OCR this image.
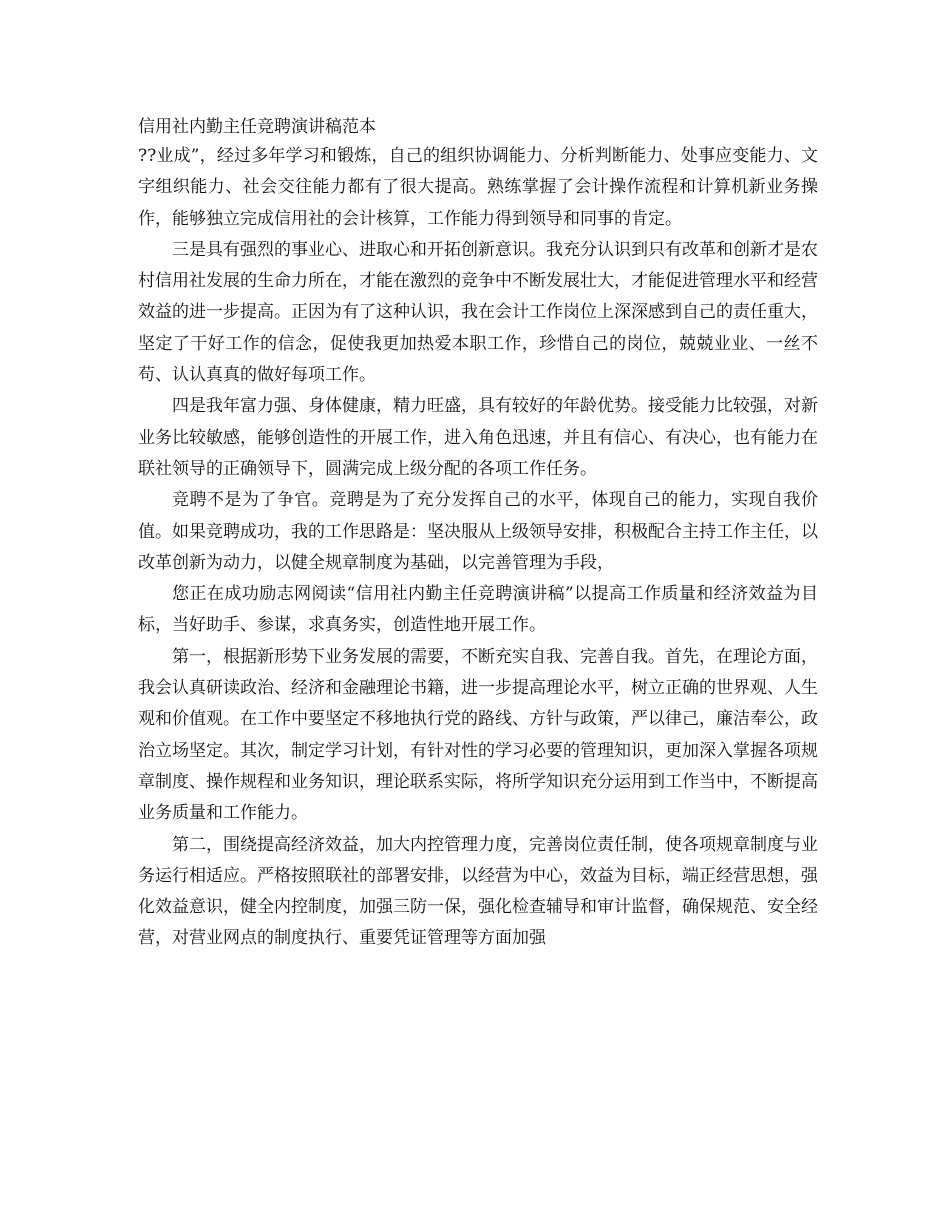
信用社内勤主任竞聘演讲稿范本

??业成”，经过多年学习和锻炼，自己的组织协调能力、分析判断能力、处事应变能力、文字组织能力、社会交往能力都有了很大提高。熟练掌握了会计操作流程和计算机新业务操作，能够独立完成信用社的会计核算，工作能力得到领导和同事的肯定。

三是具有强烈的事业心、进取心和开拓创新意识。我充分认识到只有改革和创新才是农村信用社发展的生命力所在，才能在激烈的竞争中不断发展壮大，才能促进管理水平和经营效益的进一步提高。正因为有了这种认识，我在会计工作岗位上深深感到自己的责任重大，坚定了干好工作的信念，促使我更加热爱本职工作，珍惜自己的岗位，兢兢业业、一丝不苟、认认真真的做好每项工作。

四是我年富力强、身体健康，精力旺盛，具有较好的年龄优势。接受能力比较强，对新业务比较敏感，能够创造性的开展工作，进入角色迅速，并且有信心、有决心，也有能力在联社领导的正确领导下，圆满完成上级分配的各项工作任务。

竞聘不是为了争官。竞聘是为了充分发挥自己的水平，体现自己的能力，实现自我价值。如果竞聘成功，我的工作思路是：坚决服从上级领导安排，积极配合主持工作主任，以改革创新为动力，以健全规章制度为基础，以完善管理为手段，

您正在成功励志网阅读“信用社内勤主任竞聘演讲稿”以提高工作质量和经济效益为目标，当好助手、参谋，求真务实，创造性地开展工作。

第一，根据新形势下业务发展的需要，不断充实自我、完善自我。首先，在理论方面，我会认真研读政治、经济和金融理论书籍，进一步提高理论水平，树立正确的世界观、人生观和价值观。在工作中要坚定不移地执行党的路线、方针与政策，严以律己，廉洁奉公，政治立场坚定。其次，制定学习计划，有针对性的学习必要的管理知识，更加深入掌握各项规章制度、操作规程和业务知识，理论联系实际，将所学知识充分运用到工作当中，不断提高业务质量和工作能力。

第二，围绕提高经济效益，加大内控管理力度，完善岗位责任制，使各项规章制度与业务运行相适应。严格按照联社的部署安排，以经营为中心，效益为目标，端正经营思想，强化效益意识，健全内控制度，加强三防一保，强化检查辅导和审计监督，确保规范、安全经营，对营业网点的制度执行、重要凭证管理等方面加强
